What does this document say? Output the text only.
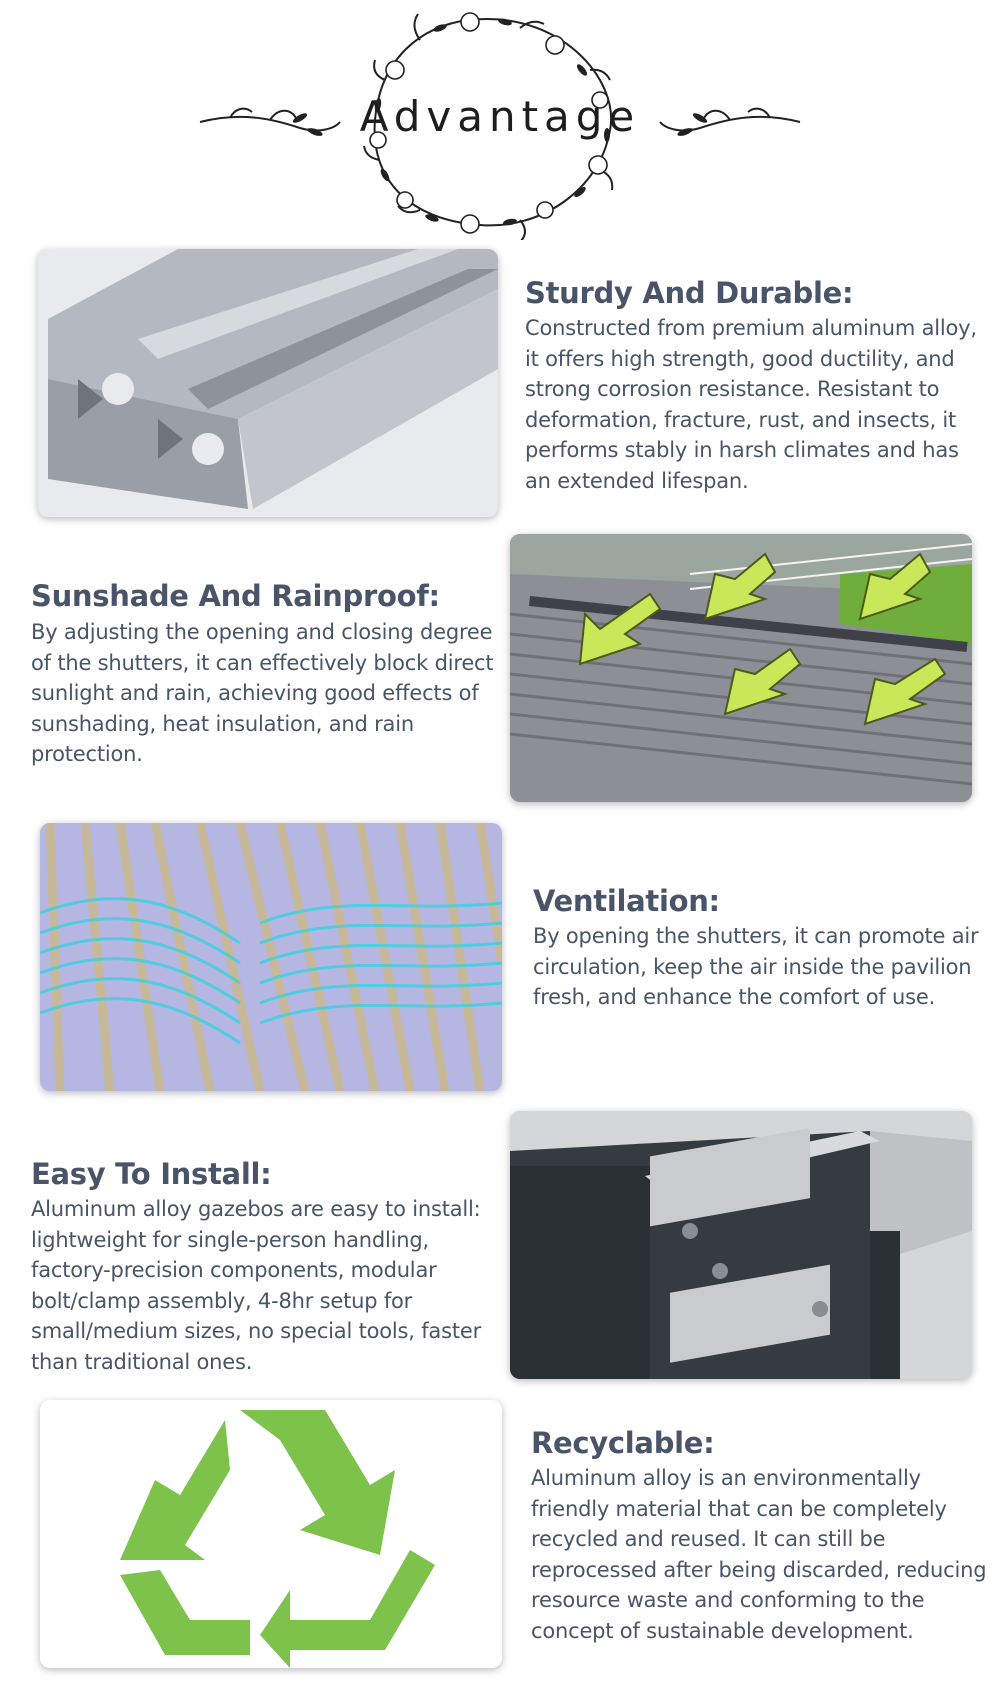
Advantage
Sturdy And Durable:
Constructed from premium aluminum alloy, it offers high strength, good ductility, and strong corrosion resistance. Resistant to deformation, fracture, rust, and insects, it performs stably in harsh climates and has an extended lifespan.
Sunshade And Rainproof:
By adjusting the opening and closing degree of the shutters, it can effectively block direct sunlight and rain, achieving good effects of sunshading, heat insulation, and rain protection.
Ventilation:
By opening the shutters, it can promote air circulation, keep the air inside the pavilion fresh, and enhance the comfort of use.
Easy To Install:
Aluminum alloy gazebos are easy to install: lightweight for single-person handling, factory-precision components, modular bolt/clamp assembly, 4-8hr setup for small/medium sizes, no special tools, faster than traditional ones.
Recyclable:
Aluminum alloy is an environmentally friendly material that can be completely recycled and reused. It can still be reprocessed after being discarded, reducing resource waste and conforming to the concept of sustainable development.
